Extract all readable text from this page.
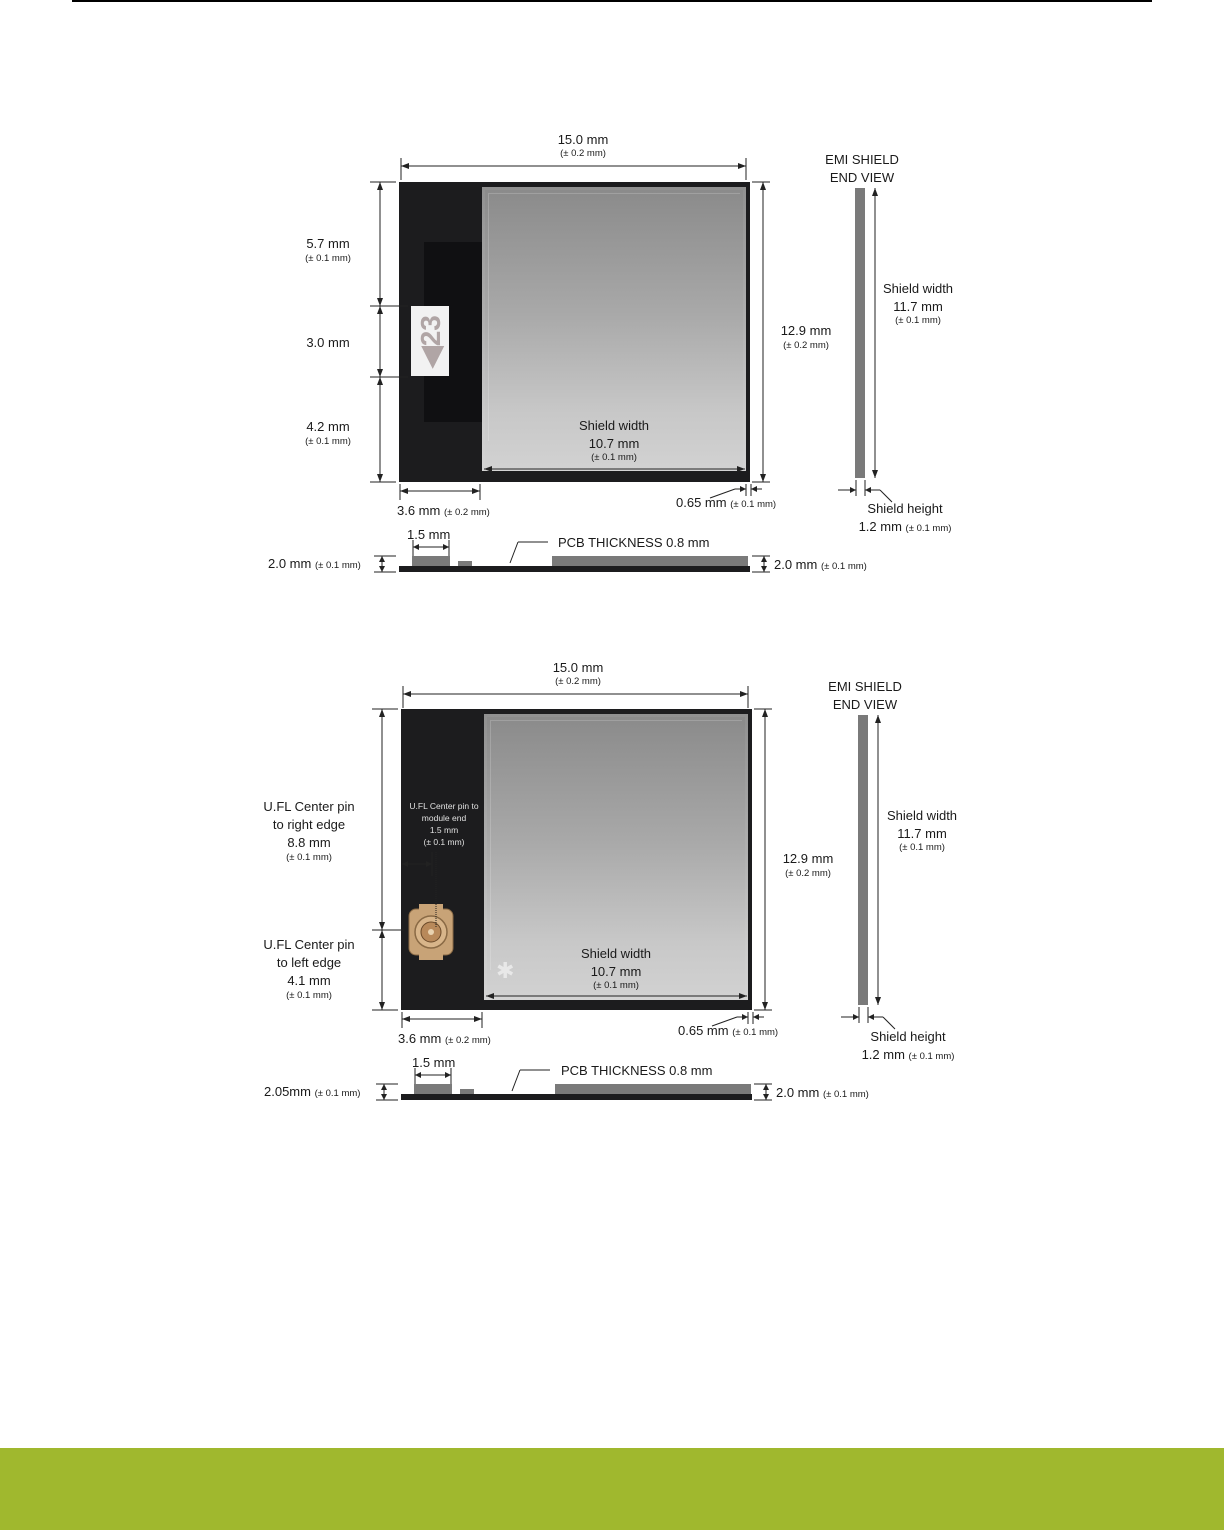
◀23
15.0 mm
(± 0.2 mm)
5.7 mm
(± 0.1 mm)
3.0 mm
4.2 mm
(± 0.1 mm)
12.9 mm
(± 0.2 mm)
Shield width
10.7 mm
(± 0.1 mm)
3.6 mm (± 0.2 mm)
0.65 mm (± 0.1 mm)
EMI SHIELD
END VIEW
Shield width
11.7 mm
(± 0.1 mm)
Shield height
1.2 mm (± 0.1 mm)
1.5 mm
PCB THICKNESS 0.8 mm
2.0 mm (± 0.1 mm)	2.0 mm (± 0.1 mm)
✱
15.0 mm
(± 0.2 mm)
U.FL Center pin
to right edge
8.8 mm
(± 0.1 mm)
U.FL Center pin
to left edge
4.1 mm
(± 0.1 mm)
U.FL Center pin to
module end
1.5 mm
(± 0.1 mm)
12.9 mm
(± 0.2 mm)
Shield width
10.7 mm
(± 0.1 mm)
3.6 mm (± 0.2 mm)
0.65 mm (± 0.1 mm)
EMI SHIELD
END VIEW
Shield width
11.7 mm
(± 0.1 mm)
Shield height
1.2 mm (± 0.1 mm)
1.5 mm
PCB THICKNESS 0.8 mm
2.05mm (± 0.1 mm)	2.0 mm (± 0.1 mm)
